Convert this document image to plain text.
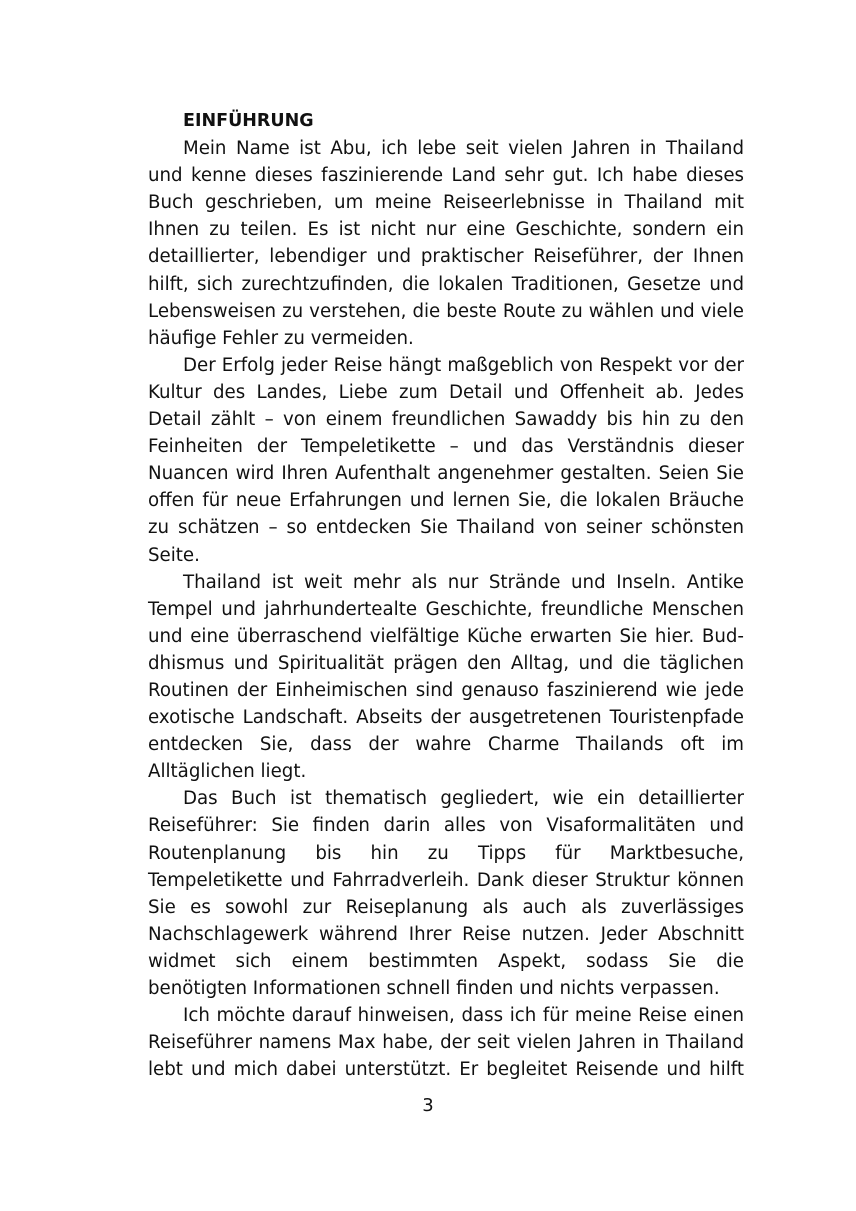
EINFÜHRUNG

Mein Name ist Abu, ich lebe seit vielen Jahren in Thailand und kenne dieses faszinierende Land sehr gut. Ich habe dieses Buch geschrieben, um meine Reiseerlebnisse in Thailand mit Ihnen zu teilen. Es ist nicht nur eine Geschichte, sondern ein detaillierter, lebendiger und praktischer Reiseführer, der Ihnen hilft, sich zurechtzufinden, die lokalen Traditionen, Gesetze und Lebensweisen zu verstehen, die beste Route zu wählen und viele häufige Fehler zu vermeiden.

Der Erfolg jeder Reise hängt maßgeblich von Respekt vor der Kultur des Landes, Liebe zum Detail und Offenheit ab. Jedes Detail zählt – von einem freundlichen Sawaddy bis hin zu den Feinheiten der Tempeletikette – und das Verständnis dieser Nuancen wird Ihren Aufenthalt angenehmer gestalten. Seien Sie offen für neue Erfahrungen und lernen Sie, die lokalen Bräuche zu schätzen – so entdecken Sie Thailand von seiner schönsten Seite.

Thailand ist weit mehr als nur Strände und Inseln. Antike Tempel und jahrhundertealte Geschichte, freundliche Menschen und eine überraschend vielfältige Küche erwarten Sie hier. Buddhismus und Spiritualität prägen den Alltag, und die täglichen Routinen der Einheimischen sind genauso faszinierend wie jede exotische Landschaft. Abseits der ausgetretenen Touristenpfade entdecken Sie, dass der wahre Charme Thailands oft im Alltäglichen liegt.

Das Buch ist thematisch gegliedert, wie ein detaillierter Reiseführer: Sie finden darin alles von Visaformalitäten und Routenplanung bis hin zu Tipps für Marktbesuche, Tempeletikette und Fahrradverleih. Dank dieser Struktur können Sie es sowohl zur Reiseplanung als auch als zuverlässiges Nachschlagewerk während Ihrer Reise nutzen. Jeder Abschnitt widmet sich einem bestimmten Aspekt, sodass Sie die benötigten Informationen schnell finden und nichts verpassen.

Ich möchte darauf hinweisen, dass ich für meine Reise einen Reiseführer namens Max habe, der seit vielen Jahren in Thailand lebt und mich dabei unterstützt. Er begleitet Reisende und hilft

3
